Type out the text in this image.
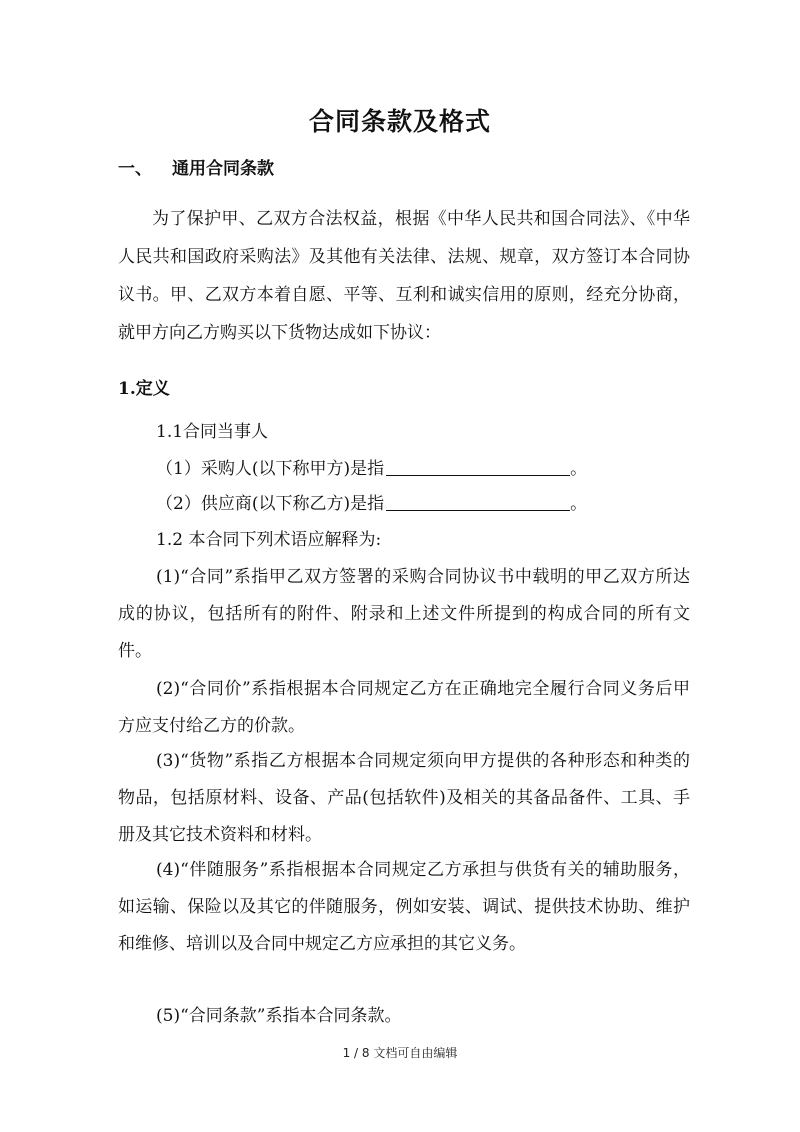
合同条款及格式
一、 通用合同条款
为了保护甲、乙双方合法权益，根据《中华人民共和国合同法》、《中华人民共和国政府采购法》及其他有关法律、法规、规章，双方签订本合同协议书。甲、乙双方本着自愿、平等、互利和诚实信用的原则，经充分协商，就甲方向乙方购买以下货物达成如下协议：
1.定义
1.1合同当事人
（1）采购人(以下称甲方)是指	。
（2）供应商(以下称乙方)是指	。
1.2 本合同下列术语应解释为:
(1)“合同”系指甲乙双方签署的采购合同协议书中载明的甲乙双方所达成的协议，包括所有的附件、附录和上述文件所提到的构成合同的所有文件。
(2)“合同价”系指根据本合同规定乙方在正确地完全履行合同义务后甲方应支付给乙方的价款。
(3)“货物”系指乙方根据本合同规定须向甲方提供的各种形态和种类的物品，包括原材料、设备、产品(包括软件)及相关的其备品备件、工具、手册及其它技术资料和材料。
(4)“伴随服务”系指根据本合同规定乙方承担与供货有关的辅助服务，如运输、保险以及其它的伴随服务，例如安装、调试、提供技术协助、维护和维修、培训以及合同中规定乙方应承担的其它义务。
(5)“合同条款”系指本合同条款。
1 / 8 文档可自由编辑
